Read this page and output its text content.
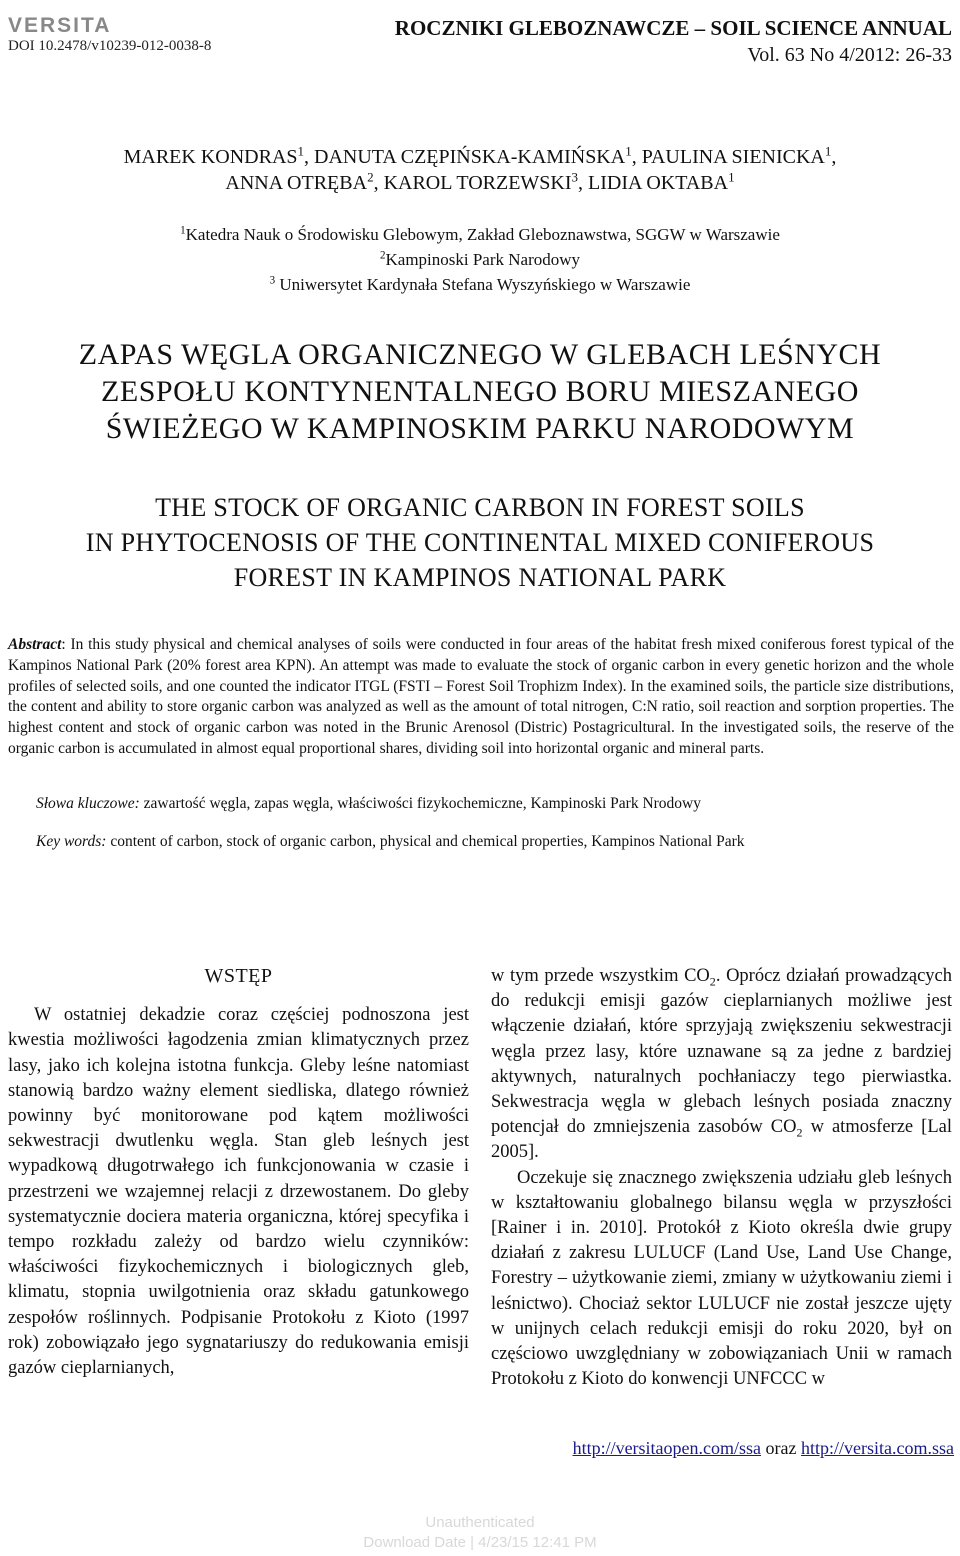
VERSITA
DOI 10.2478/v10239-012-0038-8
ROCZNIKI GLEBOZNAWCZE – SOIL SCIENCE ANNUAL
Vol. 63 No 4/2012: 26-33
MAREK KONDRAS$^1$, DANUTA CZĘPIŃSKA-KAMIŃSKA$^1$, PAULINA SIENICKA$^1$,
ANNA OTRĘBA$^2$, KAROL TORZEWSKI$^3$, LIDIA OKTABA$^1$
$^1$Katedra Nauk o Środowisku Glebowym, Zakład Gleboznawstwa, SGGW w Warszawie
$^2$Kampinoski Park Narodowy
$^3$ Uniwersytet Kardynała Stefana Wyszyńskiego w Warszawie
ZAPAS WĘGLA ORGANICZNEGO W GLEBACH LEŚNYCH
ZESPOŁU KONTYNENTALNEGO BORU MIESZANEGO
ŚWIEŻEGO W KAMPINOSKIM PARKU NARODOWYM
THE STOCK OF ORGANIC CARBON IN FOREST SOILS
IN PHYTOCENOSIS OF THE CONTINENTAL MIXED CONIFEROUS
FOREST IN KAMPINOS NATIONAL PARK
Abstract: In this study physical and chemical analyses of soils were conducted in four areas of the habitat fresh mixed coniferous forest typical of the Kampinos National Park (20% forest area KPN). An attempt was made to evaluate the stock of organic carbon in every genetic horizon and the whole profiles of selected soils, and one counted the indicator ITGL (FSTI – Forest Soil Trophizm Index). In the examined soils, the particle size distributions, the content and ability to store organic carbon was analyzed as well as the amount of total nitrogen, C:N ratio, soil reaction and sorption properties. The highest content and stock of organic carbon was noted in the Brunic Arenosol (Distric) Postagricultural. In the investigated soils, the reserve of the organic carbon is accumulated in almost equal proportional shares, dividing soil into horizontal organic and mineral parts.
Słowa kluczowe: zawartość węgla, zapas węgla, właściwości fizykochemiczne, Kampinoski Park Nrodowy
Key words: content of carbon, stock of organic carbon, physical and chemical properties, Kampinos National Park
WSTĘP

W ostatniej dekadzie coraz częściej podnoszona jest kwestia możliwości łagodzenia zmian klimatycznych przez lasy, jako ich kolejna istotna funkcja. Gleby leśne natomiast stanowią bardzo ważny element siedliska, dlatego również powinny być monitorowane pod kątem możliwości sekwestracji dwutlenku węgla. Stan gleb leśnych jest wypadkową długotrwałego ich funkcjonowania w czasie i przestrzeni we wzajemnej relacji z drzewostanem. Do gleby systematycznie dociera materia organiczna, której specyfika i tempo rozkładu zależy od bardzo wielu czynników: właściwości fizykochemicznych i biologicznych gleb, klimatu, stopnia uwilgotnienia oraz składu gatunkowego zespołów roślinnych. Podpisanie Protokołu z Kioto (1997 rok) zobowiązało jego sygnatariuszy do redukowania emisji gazów cieplarnianych,

w tym przede wszystkim $CO_2$. Oprócz działań prowadzących do redukcji emisji gazów cieplarnianych możliwe jest włączenie działań, które sprzyjają zwiększeniu sekwestracji węgla przez lasy, które uznawane są za jedne z bardziej aktywnych, naturalnych pochłaniaczy tego pierwiastka. Sekwestracja węgla w glebach leśnych posiada znaczny potencjał do zmniejszenia zasobów $CO_2$ w atmosferze [Lal 2005].

Oczekuje się znacznego zwiększenia udziału gleb leśnych w kształtowaniu globalnego bilansu węgla w przyszłości [Rainer i in. 2010]. Protokół z Kioto określa dwie grupy działań z zakresu LULUCF (Land Use, Land Use Change, Forestry – użytkowanie ziemi, zmiany w użytkowaniu ziemi i leśnictwo). Chociaż sektor LULUCF nie został jeszcze ujęty w unijnych celach redukcji emisji do roku 2020, był on częściowo uwzględniany w zobowiązaniach Unii w ramach Protokołu z Kioto do konwencji UNFCCC w

http://versitaopen.com/ssa oraz http://versita.com.ssa
Unauthenticated
Download Date | 4/23/15 12:41 PM
